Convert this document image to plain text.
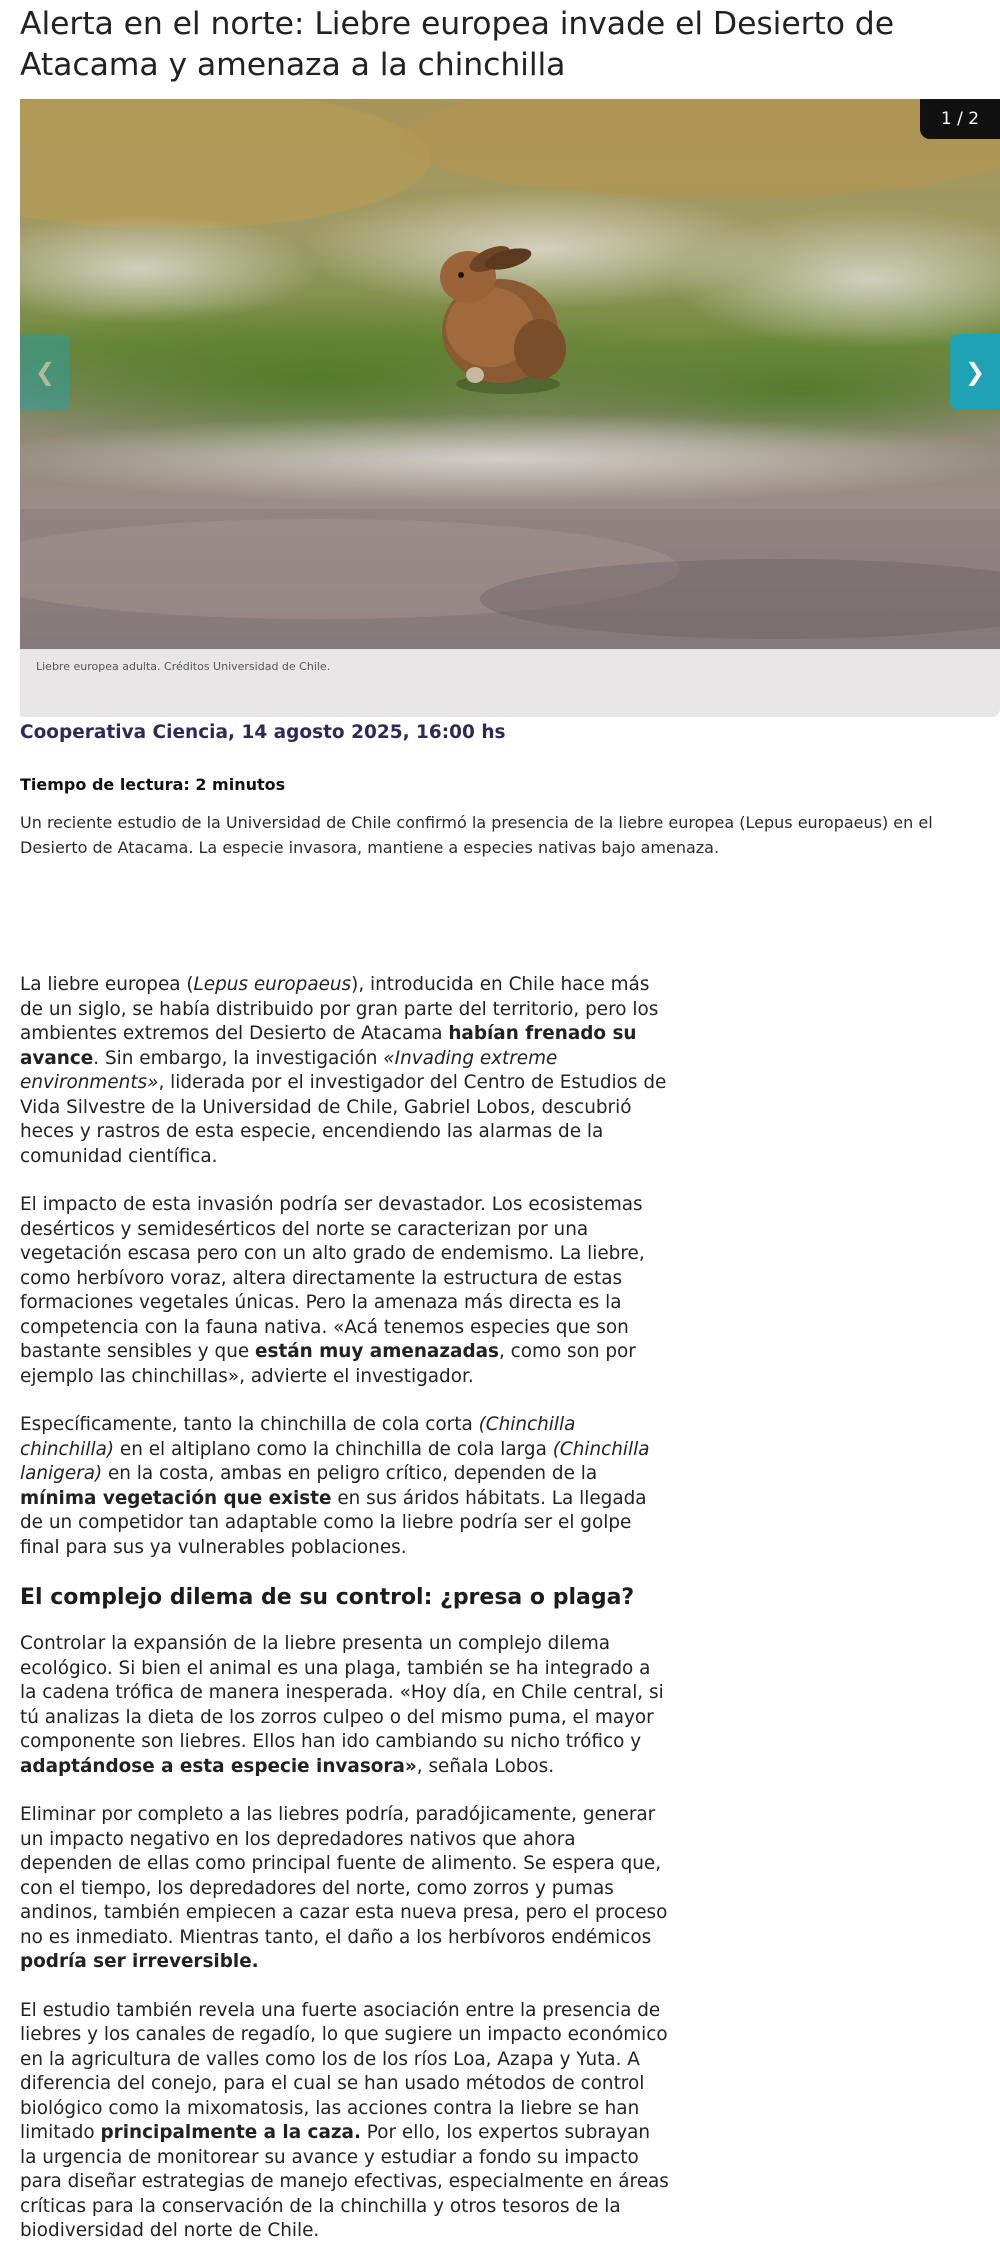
Alerta en el norte: Liebre europea invade el Desierto de Atacama y amenaza a la chinchilla
1 / 2
❮	❯
Liebre europea adulta. Créditos Universidad de Chile.
Cooperativa Ciencia, 14 agosto 2025, 16:00 hs
Tiempo de lectura: 2 minutos

Un reciente estudio de la Universidad de Chile confirmó la presencia de la liebre europea (Lepus europaeus) en el Desierto de Atacama. La especie invasora, mantiene a especies nativas bajo amenaza.

La liebre europea (Lepus europaeus), introducida en Chile hace más de un siglo, se había distribuido por gran parte del territorio, pero los ambientes extremos del Desierto de Atacama habían frenado su avance. Sin embargo, la investigación «Invading extreme environments», liderada por el investigador del Centro de Estudios de Vida Silvestre de la Universidad de Chile, Gabriel Lobos, descubrió heces y rastros de esta especie, encendiendo las alarmas de la comunidad científica.

El impacto de esta invasión podría ser devastador. Los ecosistemas desérticos y semidesérticos del norte se caracterizan por una vegetación escasa pero con un alto grado de endemismo. La liebre, como herbívoro voraz, altera directamente la estructura de estas formaciones vegetales únicas. Pero la amenaza más directa es la competencia con la fauna nativa. «Acá tenemos especies que son bastante sensibles y que están muy amenazadas, como son por ejemplo las chinchillas», advierte el investigador.

Específicamente, tanto la chinchilla de cola corta (Chinchilla chinchilla) en el altiplano como la chinchilla de cola larga (Chinchilla lanigera) en la costa, ambas en peligro crítico, dependen de la mínima vegetación que existe en sus áridos hábitats. La llegada de un competidor tan adaptable como la liebre podría ser el golpe final para sus ya vulnerables poblaciones.

El complejo dilema de su control: ¿presa o plaga?

Controlar la expansión de la liebre presenta un complejo dilema ecológico. Si bien el animal es una plaga, también se ha integrado a la cadena trófica de manera inesperada. «Hoy día, en Chile central, si tú analizas la dieta de los zorros culpeo o del mismo puma, el mayor componente son liebres. Ellos han ido cambiando su nicho trófico y adaptándose a esta especie invasora», señala Lobos.

Eliminar por completo a las liebres podría, paradójicamente, generar un impacto negativo en los depredadores nativos que ahora dependen de ellas como principal fuente de alimento. Se espera que, con el tiempo, los depredadores del norte, como zorros y pumas andinos, también empiecen a cazar esta nueva presa, pero el proceso no es inmediato. Mientras tanto, el daño a los herbívoros endémicos podría ser irreversible.

El estudio también revela una fuerte asociación entre la presencia de liebres y los canales de regadío, lo que sugiere un impacto económico en la agricultura de valles como los de los ríos Loa, Azapa y Yuta. A diferencia del conejo, para el cual se han usado métodos de control biológico como la mixomatosis, las acciones contra la liebre se han limitado principalmente a la caza. Por ello, los expertos subrayan la urgencia de monitorear su avance y estudiar a fondo su impacto para diseñar estrategias de manejo efectivas, especialmente en áreas críticas para la conservación de la chinchilla y otros tesoros de la biodiversidad del norte de Chile.
